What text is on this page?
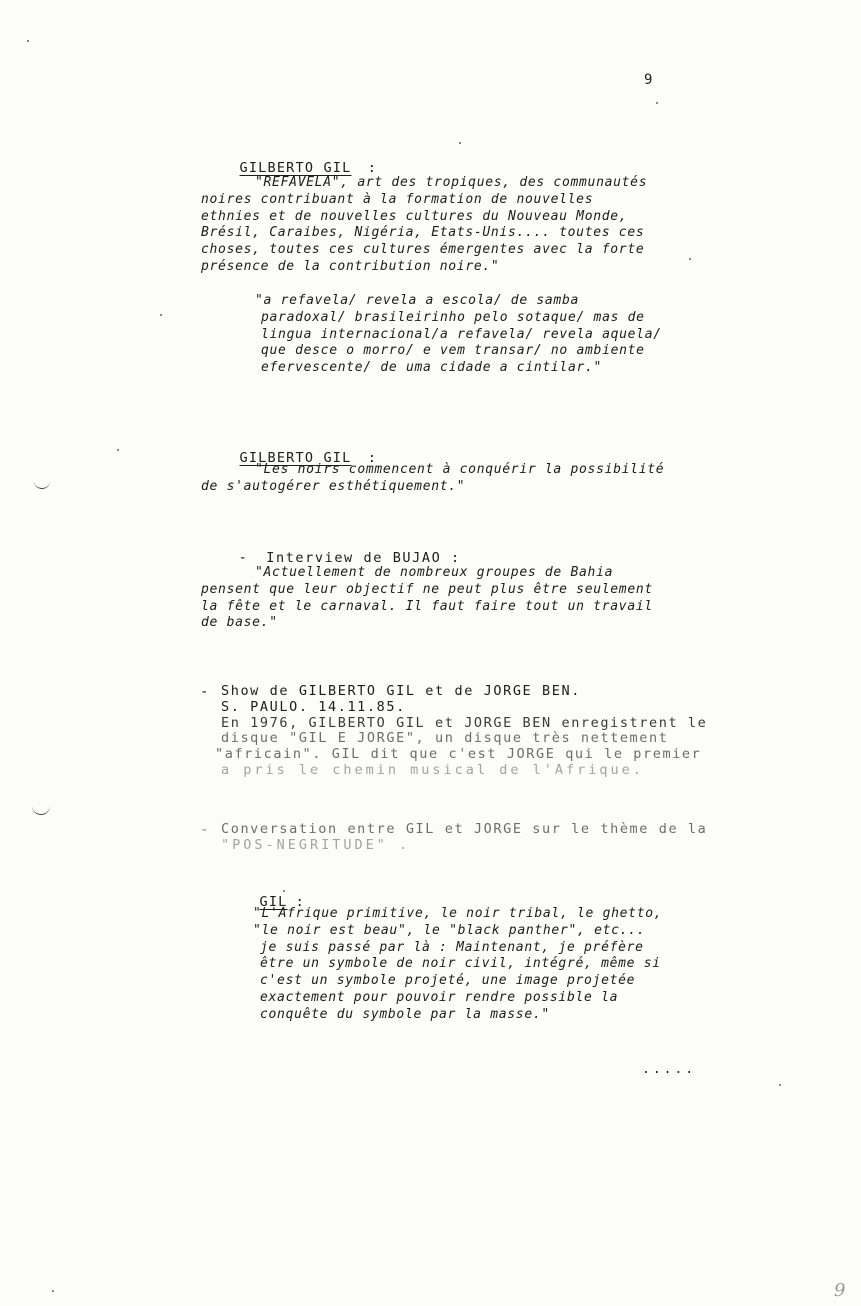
9

GILBERTO GIL :

"REFAVELA", art des tropiques, des communautés
noires contribuant à la formation de nouvelles
ethnies et de nouvelles cultures du Nouveau Monde,
Brésil, Caraibes, Nigéria, Etats-Unis.... toutes ces
choses, toutes ces cultures émergentes avec la forte
présence de la contribution noire."
"a refavela/ revela a escola/ de samba
paradoxal/ brasileirinho pelo sotaque/ mas de
lingua internacional/a refavela/ revela aquela/
que desce o morro/ e vem transar/ no ambiente
efervescente/ de uma cidade a cintilar."

GILBERTO GIL :

"Les noirs commencent à conquérir la possibilité
de s'autogérer esthétiquement."

- Interview de BUJAO :

"Actuellement de nombreux groupes de Bahia
pensent que leur objectif ne peut plus être seulement
la fête et le carnaval. Il faut faire tout un travail
de base."
- Show de GILBERTO GIL et de JORGE BEN.
S. PAULO. 14.11.85.
En 1976, GILBERTO GIL et JORGE BEN enregistrent le
disque "GIL E JORGE", un disque très nettement
"africain". GIL dit que c'est JORGE qui le premier
a pris le chemin musical de l'Afrique.
- Conversation entre GIL et JORGE sur le thème de la
"POS-NEGRITUDE" .

GIL :

"L'Afrique primitive, le noir tribal, le ghetto,
"le noir est beau", le "black panther", etc...
je suis passé par là : Maintenant, je préfère
être un symbole de noir civil, intégré, même si
c'est un symbole projeté, une image projetée
exactement pour pouvoir rendre possible la
conquête du symbole par la masse."
.....
9
